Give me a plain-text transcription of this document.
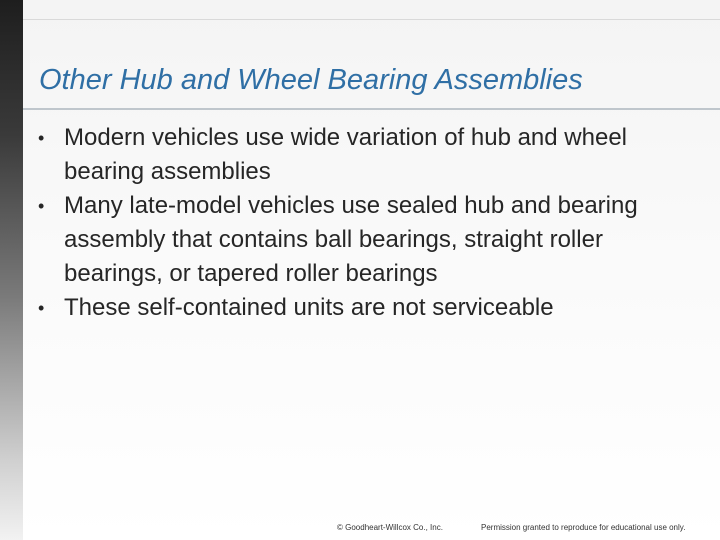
Other Hub and Wheel Bearing Assemblies
• Modern vehicles use wide variation of hub and wheel bearing assemblies
• Many late-model vehicles use sealed hub and bearing assembly that contains ball bearings, straight roller bearings, or tapered roller bearings
• These self-contained units are not serviceable
© Goodheart-Willcox Co., Inc.	Permission granted to reproduce for educational use only.
